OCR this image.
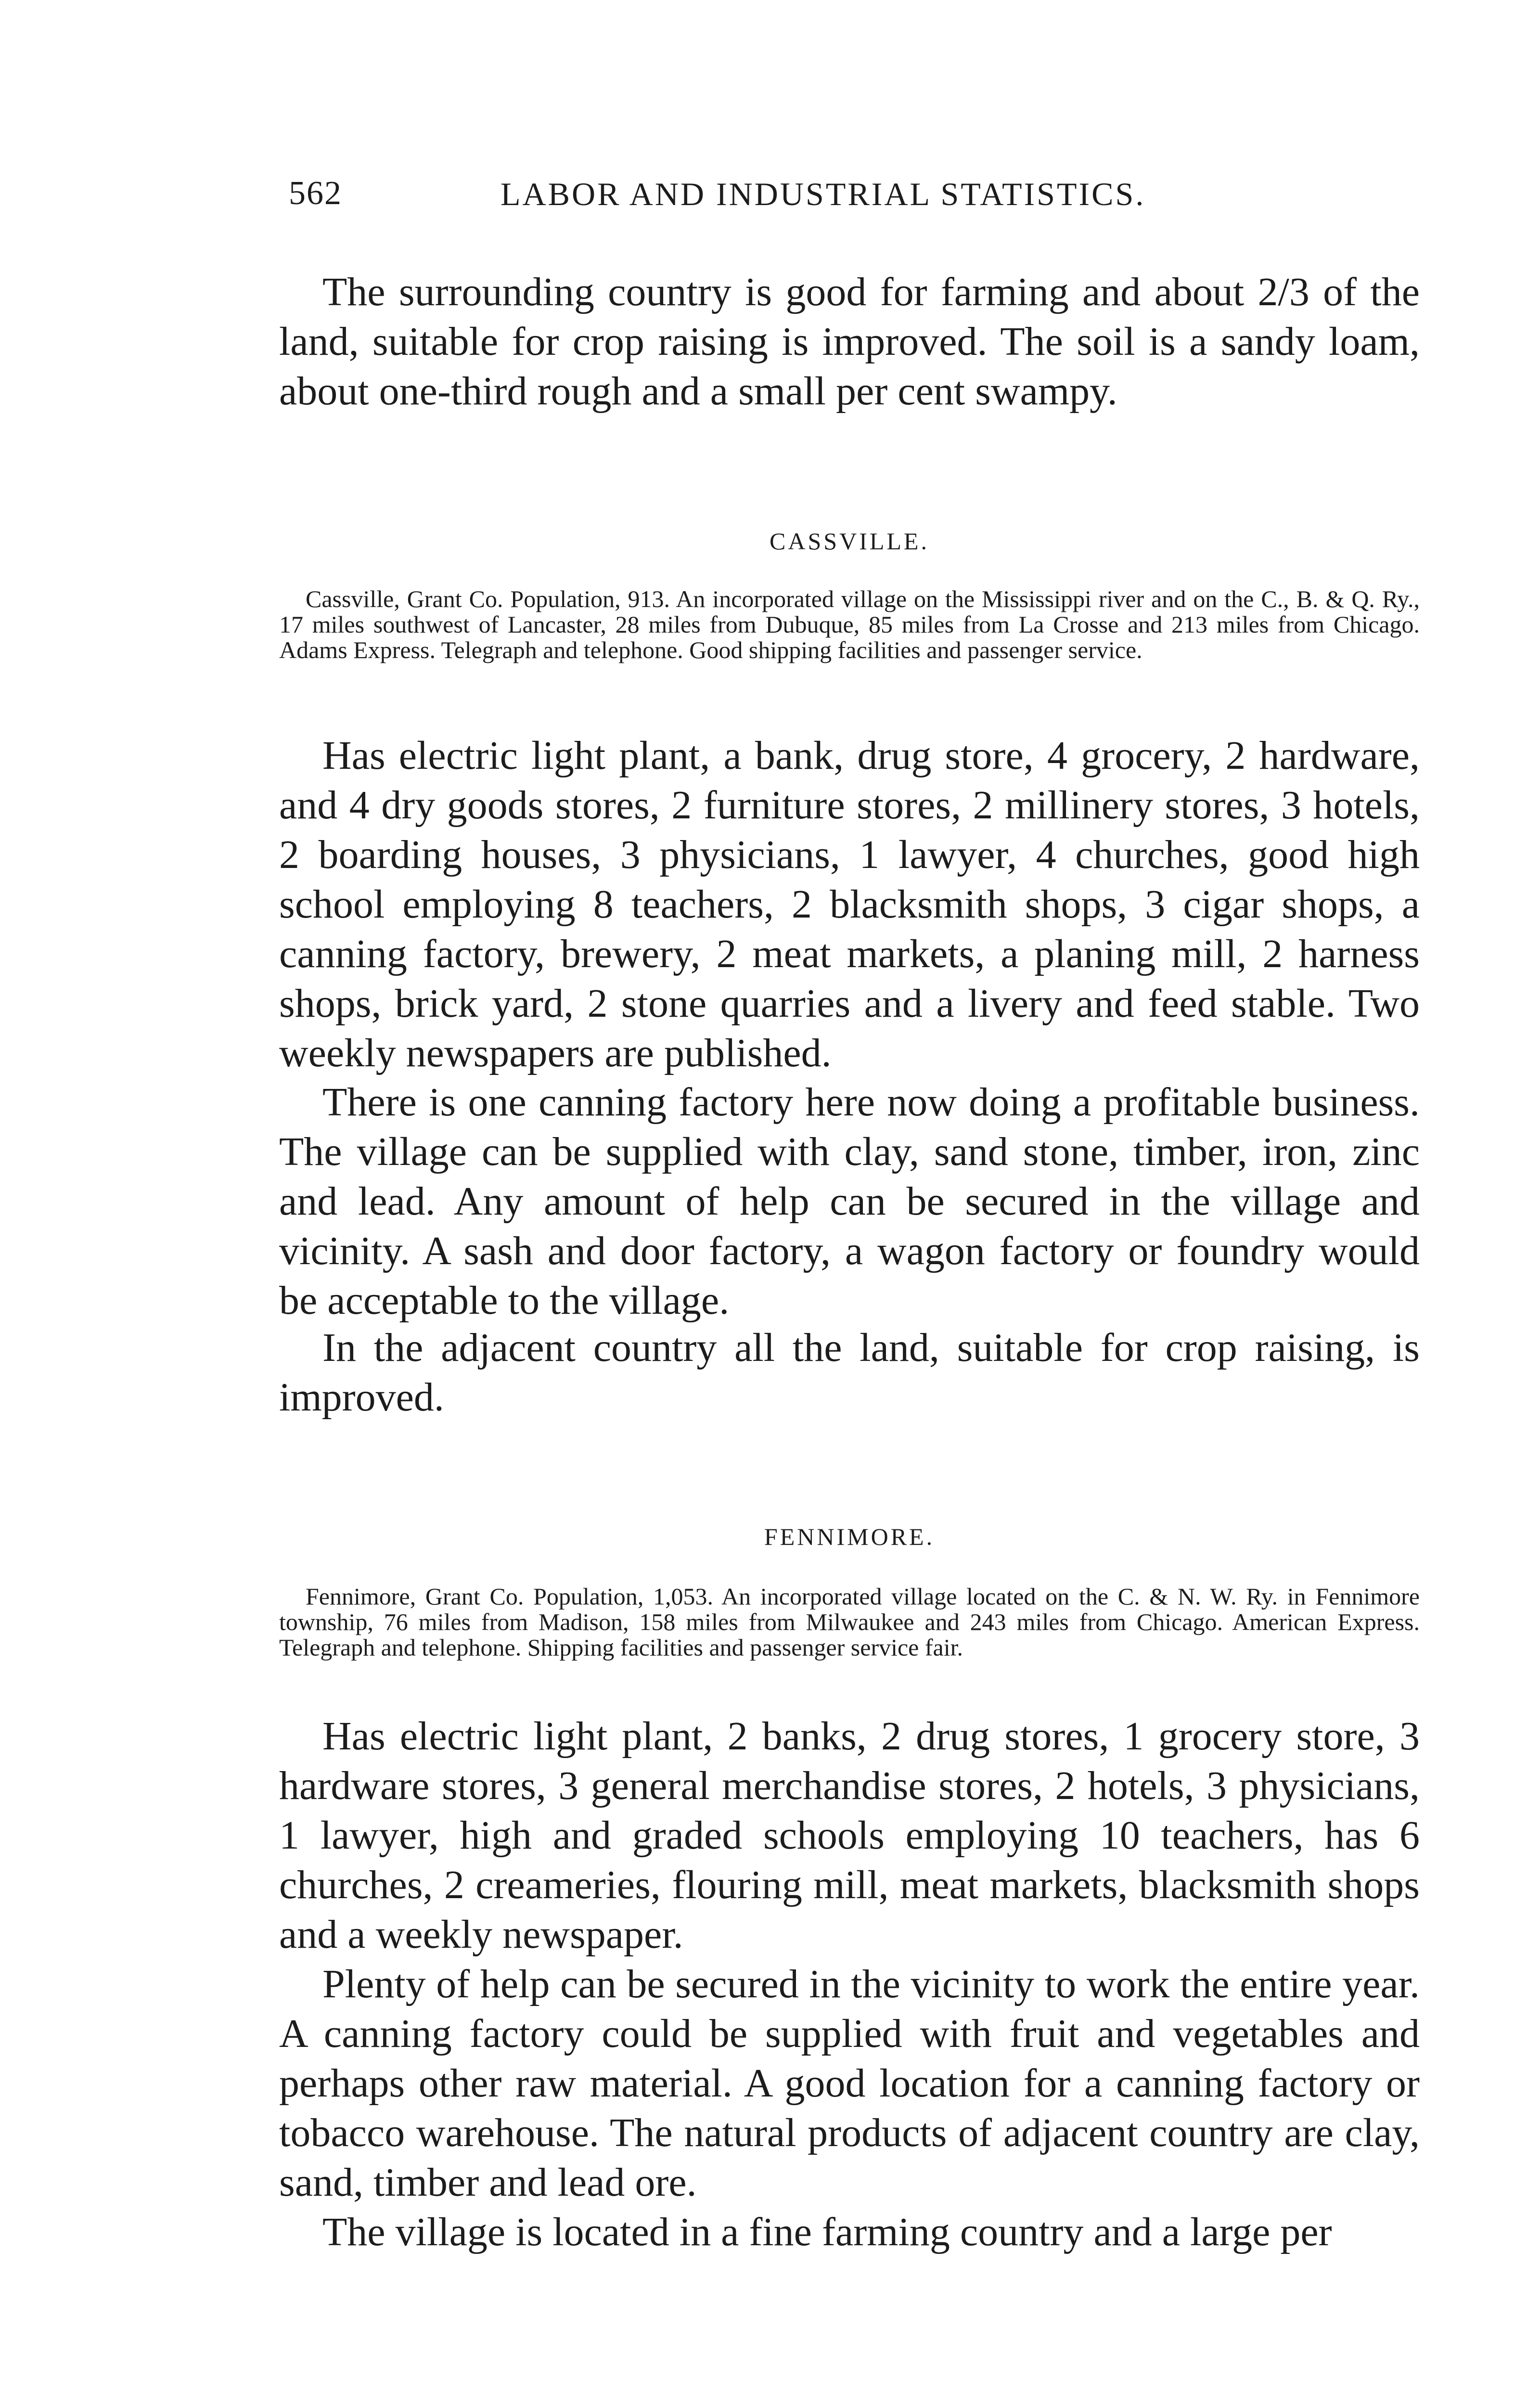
562	LABOR AND INDUSTRIAL STATISTICS.

The surrounding country is good for farming and about 2/3 of the land, suitable for crop raising is improved. The soil is a sandy loam, about one-third rough and a small per cent swampy.

CASSVILLE.

Cassville, Grant Co. Population, 913. An incorporated village on the Mississippi river and on the C., B. & Q. Ry., 17 miles southwest of Lancaster, 28 miles from Dubuque, 85 miles from La Crosse and 213 miles from Chicago. Adams Express. Telegraph and telephone. Good shipping facilities and passenger service.

Has electric light plant, a bank, drug store, 4 grocery, 2 hardware, and 4 dry goods stores, 2 furniture stores, 2 millinery stores, 3 hotels, 2 boarding houses, 3 physicians, 1 lawyer, 4 churches, good high school employing 8 teachers, 2 blacksmith shops, 3 cigar shops, a canning factory, brewery, 2 meat markets, a planing mill, 2 harness shops, brick yard, 2 stone quarries and a livery and feed stable. Two weekly newspapers are published.

There is one canning factory here now doing a profitable business. The village can be supplied with clay, sand stone, timber, iron, zinc and lead. Any amount of help can be secured in the village and vicinity. A sash and door factory, a wagon factory or foundry would be acceptable to the village.

In the adjacent country all the land, suitable for crop raising, is improved.

FENNIMORE.

Fennimore, Grant Co. Population, 1,053. An incorporated village located on the C. & N. W. Ry. in Fennimore township, 76 miles from Madison, 158 miles from Milwaukee and 243 miles from Chicago. American Express. Telegraph and telephone. Shipping facilities and passenger service fair.

Has electric light plant, 2 banks, 2 drug stores, 1 grocery store, 3 hardware stores, 3 general merchandise stores, 2 hotels, 3 physicians, 1 lawyer, high and graded schools employing 10 teachers, has 6 churches, 2 creameries, flouring mill, meat markets, blacksmith shops and a weekly newspaper.

Plenty of help can be secured in the vicinity to work the entire year. A canning factory could be supplied with fruit and vegetables and perhaps other raw material. A good location for a canning factory or tobacco warehouse. The natural products of adjacent country are clay, sand, timber and lead ore.

The village is located in a fine farming country and a large per
